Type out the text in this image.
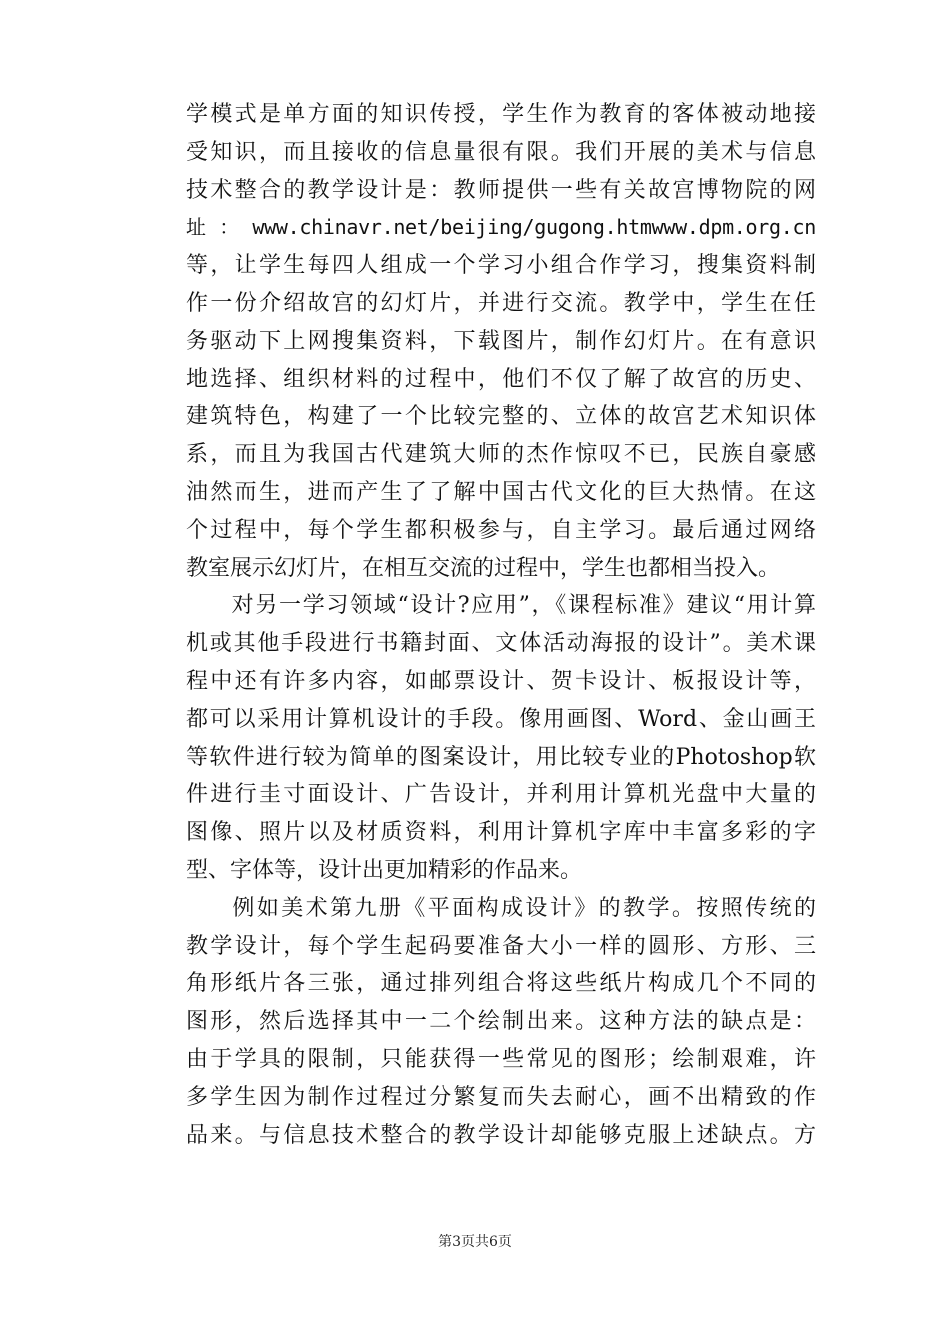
学模式是单方面的知识传授，学生作为教育的客体被动地接
受知识，而且接收的信息量很有限。我们开展的美术与信息
技术整合的教学设计是：教师提供一些有关故宫博物院的网
址 ： www.chinavr.net/beijing/gugong.htmwww.dpm.org.cn
等，让学生每四人组成一个学习小组合作学习，搜集资料制
作一份介绍故宫的幻灯片，并进行交流。教学中，学生在任
务驱动下上网搜集资料，下载图片，制作幻灯片。在有意识
地选择、组织材料的过程中，他们不仅了解了故宫的历史、
建筑特色，构建了一个比较完整的、立体的故宫艺术知识体
系，而且为我国古代建筑大师的杰作惊叹不已，民族自豪感
油然而生，进而产生了了解中国古代文化的巨大热情。在这
个过程中，每个学生都积极参与，自主学习。最后通过网络
教室展示幻灯片，在相互交流的过程中，学生也都相当投入。
对另一学习领域“设计?应用”，《课程标准》建议“用计算
机或其他手段进行书籍封面、文体活动海报的设计”。美术课
程中还有许多内容，如邮票设计、贺卡设计、板报设计等，
都可以采用计算机设计的手段。像用画图、Word、金山画王
等软件进行较为简单的图案设计，用比较专业的Photoshop软
件进行圭寸面设计、广告设计，并利用计算机光盘中大量的
图像、照片以及材质资料，利用计算机字库中丰富多彩的字
型、字体等，设计出更加精彩的作品来。
例如美术第九册《平面构成设计》的教学。按照传统的
教学设计，每个学生起码要准备大小一样的圆形、方形、三
角形纸片各三张，通过排列组合将这些纸片构成几个不同的
图形，然后选择其中一二个绘制出来。这种方法的缺点是：
由于学具的限制，只能获得一些常见的图形；绘制艰难，许
多学生因为制作过程过分繁复而失去耐心，画不出精致的作
品来。与信息技术整合的教学设计却能够克服上述缺点。方
第3页共6页
